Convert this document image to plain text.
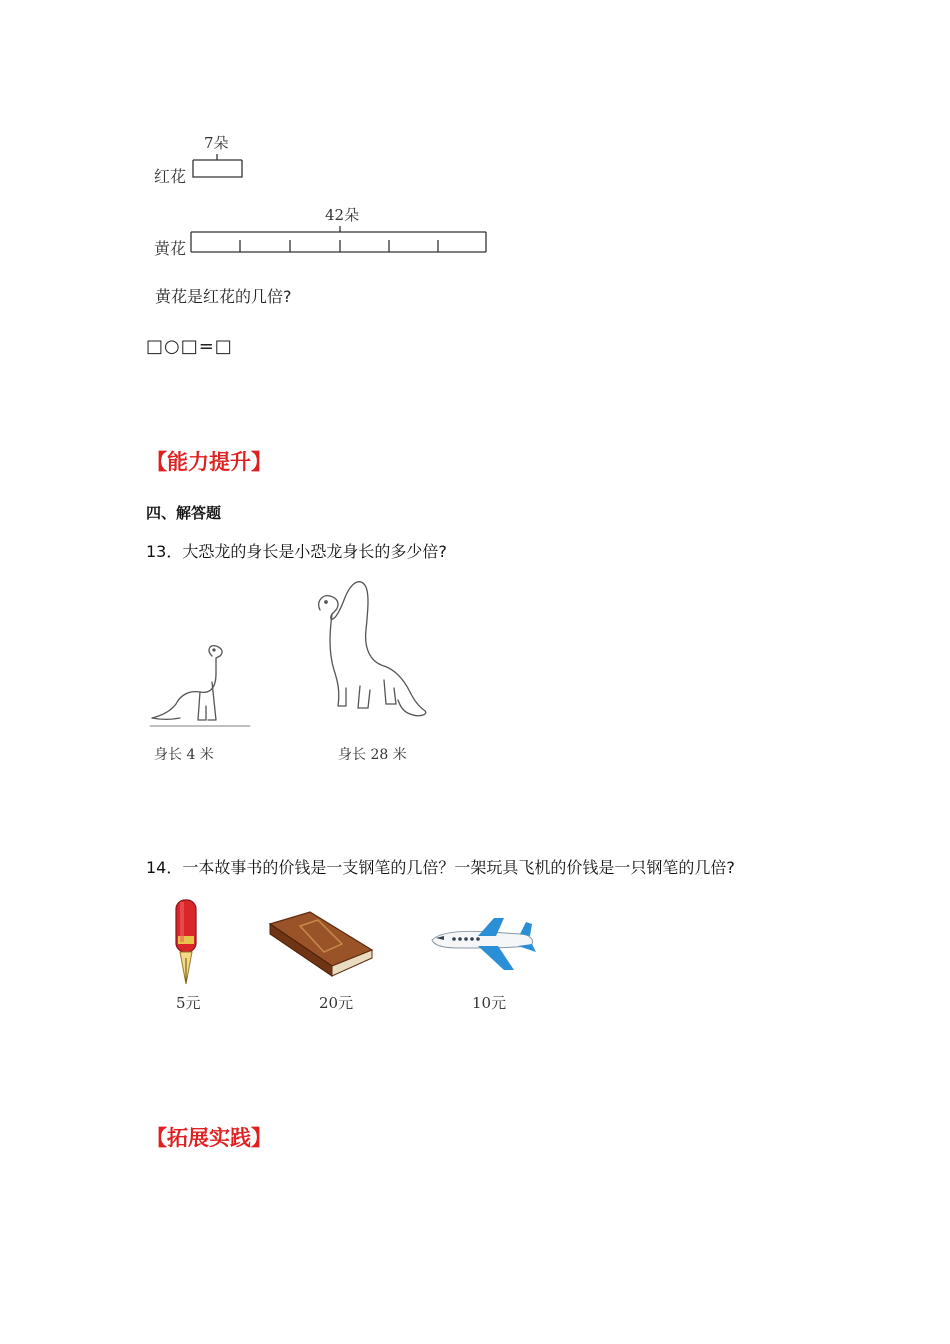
7朵
红花
42朵
黄花
黄花是红花的几倍?
□○□=□
【能力提升】
四、解答题
13．大恐龙的身长是小恐龙身长的多少倍?
身长 4 米	身长 28 米
14．一本故事书的价钱是一支钢笔的几倍？一架玩具飞机的价钱是一只钢笔的几倍?
5元	20元	10元
【拓展实践】
